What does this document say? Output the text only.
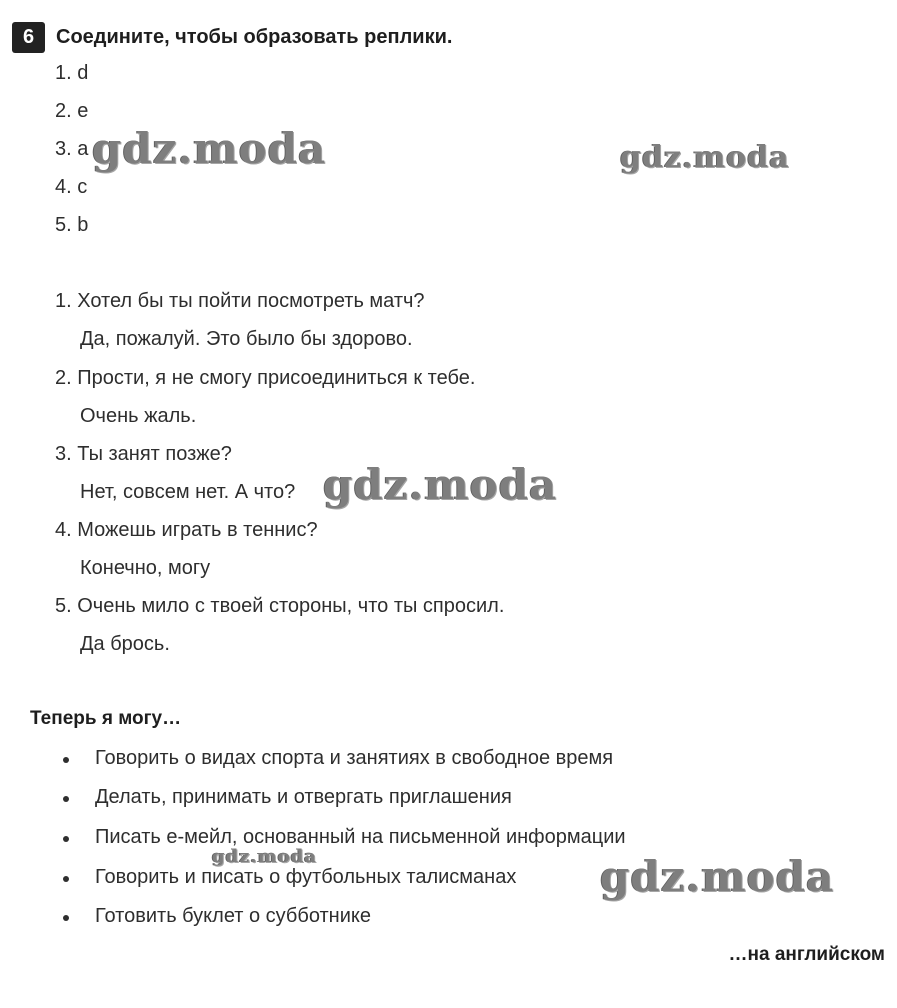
6	Соедините, чтобы образовать реплики.
1. d
2. e
3. a
4. c
5. b
1. Хотел бы ты пойти посмотреть матч?
Да, пожалуй. Это было бы здорово.
2. Прости, я не смогу присоединиться к тебе.
Очень жаль.
3. Ты занят позже?
Нет, совсем нет. А что?
4. Можешь играть в теннис?
Конечно, могу
5. Очень мило с твоей стороны, что ты спросил.
Да брось.
Теперь я могу…
Говорить о видах спорта и занятиях в свободное время
Делать, принимать и отвергать приглашения
Писать е-мейл, основанный на письменной информации
Говорить и писать о футбольных талисманах
Готовить буклет о субботнике
…на английском
gdz.moda	gdz.moda
gdz.moda
gdz.moda	gdz.moda
